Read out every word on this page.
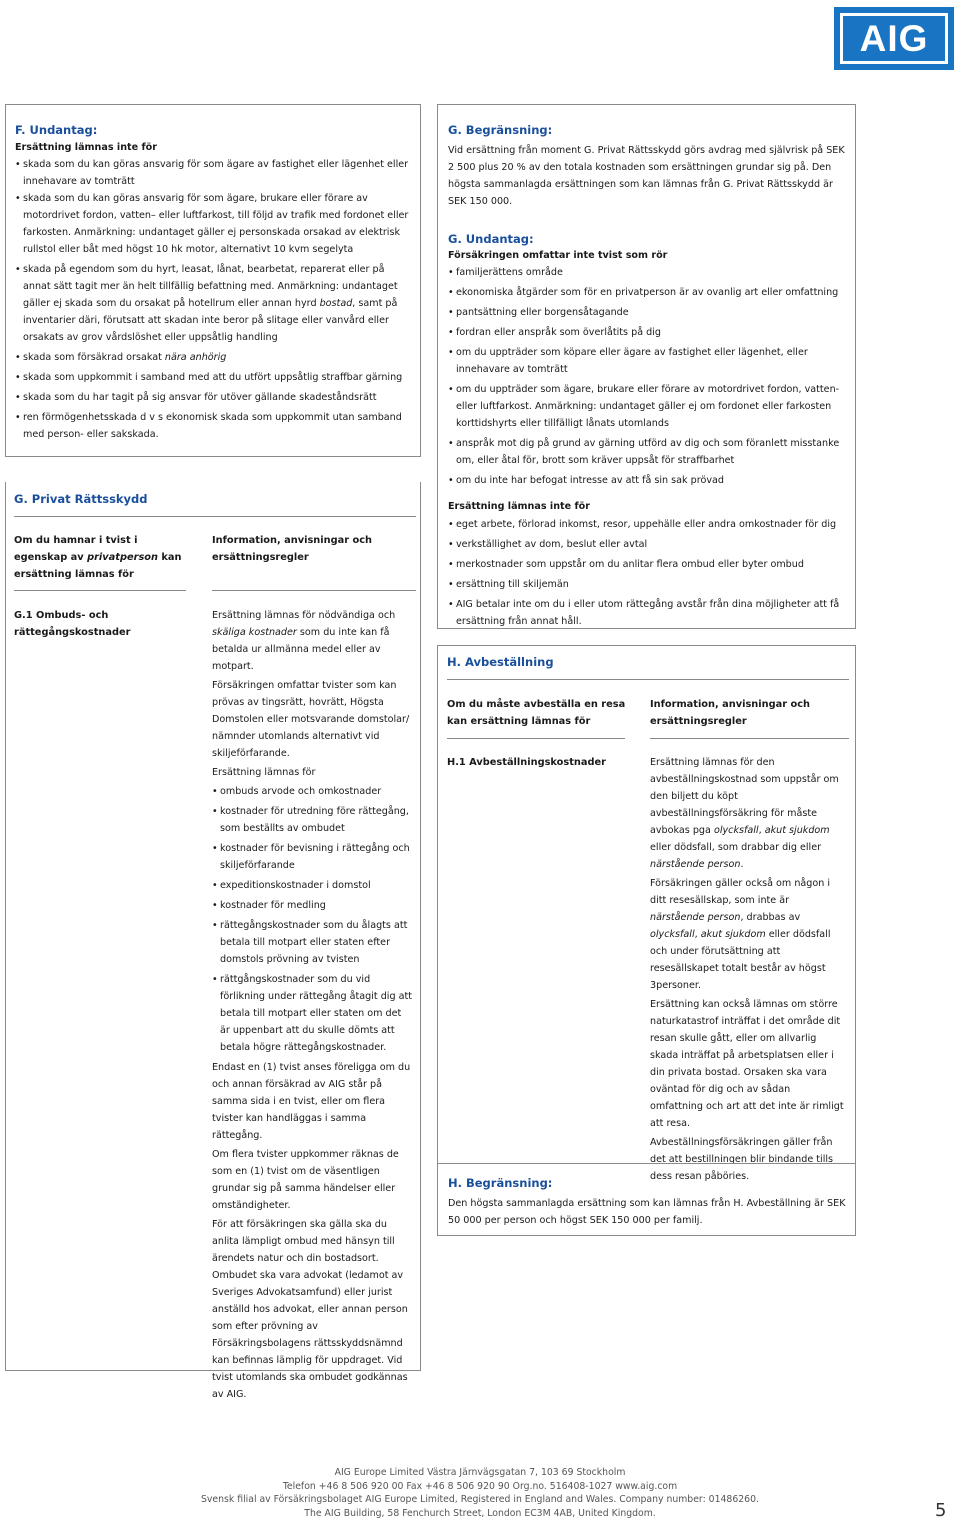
AIG

F. Undantag:

Ersättning lämnas inte för

• skada som du kan göras ansvarig för som ägare av fastighet eller lägenhet eller innehavare av tomträtt
• skada som du kan göras ansvarig för som ägare, brukare eller förare av motordrivet fordon, vatten– eller luftfarkost, till följd av trafik med fordonet eller farkosten. Anmärkning: undantaget gäller ej personskada orsakad av elektrisk rullstol eller båt med högst 10 hk motor, alternativt 10 kvm segelyta
• skada på egendom som du hyrt, leasat, lånat, bearbetat, reparerat eller på annat sätt tagit mer än helt tillfällig befattning med. Anmärkning: undantaget gäller ej skada som du orsakat på hotellrum eller annan hyrd bostad, samt på inventarier däri, förutsatt att skadan inte beror på slitage eller vanvård eller orsakats av grov vårdslöshet eller uppsåtlig handling
• skada som försäkrad orsakat nära anhörig
• skada som uppkommit i samband med att du utfört uppsåtlig straffbar gärning
• skada som du har tagit på sig ansvar för utöver gällande skadeståndsrätt
• ren förmögenhetsskada d v s ekonomisk skada som uppkommit utan samband med person- eller sakskada.

G. Privat Rättsskydd

Om du hamnar i tvist i egenskap av privatperson kan ersättning lämnas för

Information, anvisningar och ersättningsregler

G.1 Ombuds- och rättegångskostnader

Ersättning lämnas för nödvändiga och skäliga kostnader som du inte kan få betalda ur allmänna medel eller av motpart.

Försäkringen omfattar tvister som kan prövas av tingsrätt, hovrätt, Högsta Domstolen eller motsvarande domstolar/ nämnder utomlands alternativt vid skiljeförfarande.

Ersättning lämnas för

• ombuds arvode och omkostnader
• kostnader för utredning före rättegång, som beställts av ombudet
• kostnader för bevisning i rättegång och skiljeförfarande
• expeditionskostnader i domstol
• kostnader för medling
• rättegångskostnader som du ålagts att betala till motpart eller staten efter domstols prövning av tvisten
• rättgångskostnader som du vid förlikning under rättegång åtagit dig att betala till motpart eller staten om det är uppenbart att du skulle dömts att betala högre rättegångskostnader.

Endast en (1) tvist anses föreligga om du och annan försäkrad av AIG står på samma sida i en tvist, eller om flera tvister kan handläggas i samma rättegång.

Om flera tvister uppkommer räknas de som en (1) tvist om de väsentligen grundar sig på samma händelser eller omständigheter.

För att försäkringen ska gälla ska du anlita lämpligt ombud med hänsyn till ärendets natur och din bostadsort. Ombudet ska vara advokat (ledamot av Sveriges Advokatsamfund) eller jurist anställd hos advokat, eller annan person som efter prövning av Försäkringsbolagens rättsskyddsnämnd kan befinnas lämplig för uppdraget. Vid tvist utomlands ska ombudet godkännas av AIG.

G. Begränsning:

Vid ersättning från moment G. Privat Rättsskydd görs avdrag med självrisk på SEK 2 500 plus 20 % av den totala kostnaden som ersättningen grundar sig på. Den högsta sammanlagda ersättningen som kan lämnas från G. Privat Rättsskydd är SEK 150 000.

G. Undantag:

Försäkringen omfattar inte tvist som rör

• familjerättens område
• ekonomiska åtgärder som för en privatperson är av ovanlig art eller omfattning
• pantsättning eller borgensåtagande
• fordran eller anspråk som överlåtits på dig
• om du uppträder som köpare eller ägare av fastighet eller lägenhet, eller innehavare av tomträtt
• om du uppträder som ägare, brukare eller förare av motordrivet fordon, vatten- eller luftfarkost. Anmärkning: undantaget gäller ej om fordonet eller farkosten korttidshyrts eller tillfälligt lånats utomlands
• anspråk mot dig på grund av gärning utförd av dig och som föranlett misstanke om, eller åtal för, brott som kräver uppsåt för straffbarhet
• om du inte har befogat intresse av att få sin sak prövad

Ersättning lämnas inte för

• eget arbete, förlorad inkomst, resor, uppehälle eller andra omkostnader för dig
• verkställighet av dom, beslut eller avtal
• merkostnader som uppstår om du anlitar flera ombud eller byter ombud
• ersättning till skiljemän
• AIG betalar inte om du i eller utom rättegång avstår från dina möjligheter att få ersättning från annat håll.

H. Avbeställning

Om du måste avbeställa en resa kan ersättning lämnas för

Information, anvisningar och ersättningsregler

H.1 Avbeställningskostnader	Ersättning lämnas för den avbeställningskostnad som uppstår om den biljett du köpt avbeställningsförsäkring för måste avbokas pga olycksfall, akut sjukdom eller dödsfall, som drabbar dig eller närstående person.

Försäkringen gäller också om någon i ditt resesällskap, som inte är närstående person, drabbas av olycksfall, akut sjukdom eller dödsfall och under förutsättning att resesällskapet totalt består av högst 3personer.

Ersättning kan också lämnas om större naturkatastrof inträffat i det område dit resan skulle gått, eller om allvarlig skada inträffat på arbetsplatsen eller i din privata bostad. Orsaken ska vara oväntad för dig och av sådan omfattning och art att det inte är rimligt att resa.

Avbeställningsförsäkringen gäller från det att bestillningen blir bindande tills dess resan påböries.

H. Begränsning:

Den högsta sammanlagda ersättning som kan lämnas från H. Avbeställning är SEK 50 000 per person och högst SEK 150 000 per familj.

AIG Europe Limited Västra Järnvägsgatan 7, 103 69 Stockholm
Telefon +46 8 506 920 00 Fax +46 8 506 920 90 Org.no. 516408-1027 www.aig.com
Svensk filial av Försäkringsbolaget AIG Europe Limited, Registered in England and Wales. Company number: 01486260.
The AIG Building, 58 Fenchurch Street, London EC3M 4AB, United Kingdom.	5
